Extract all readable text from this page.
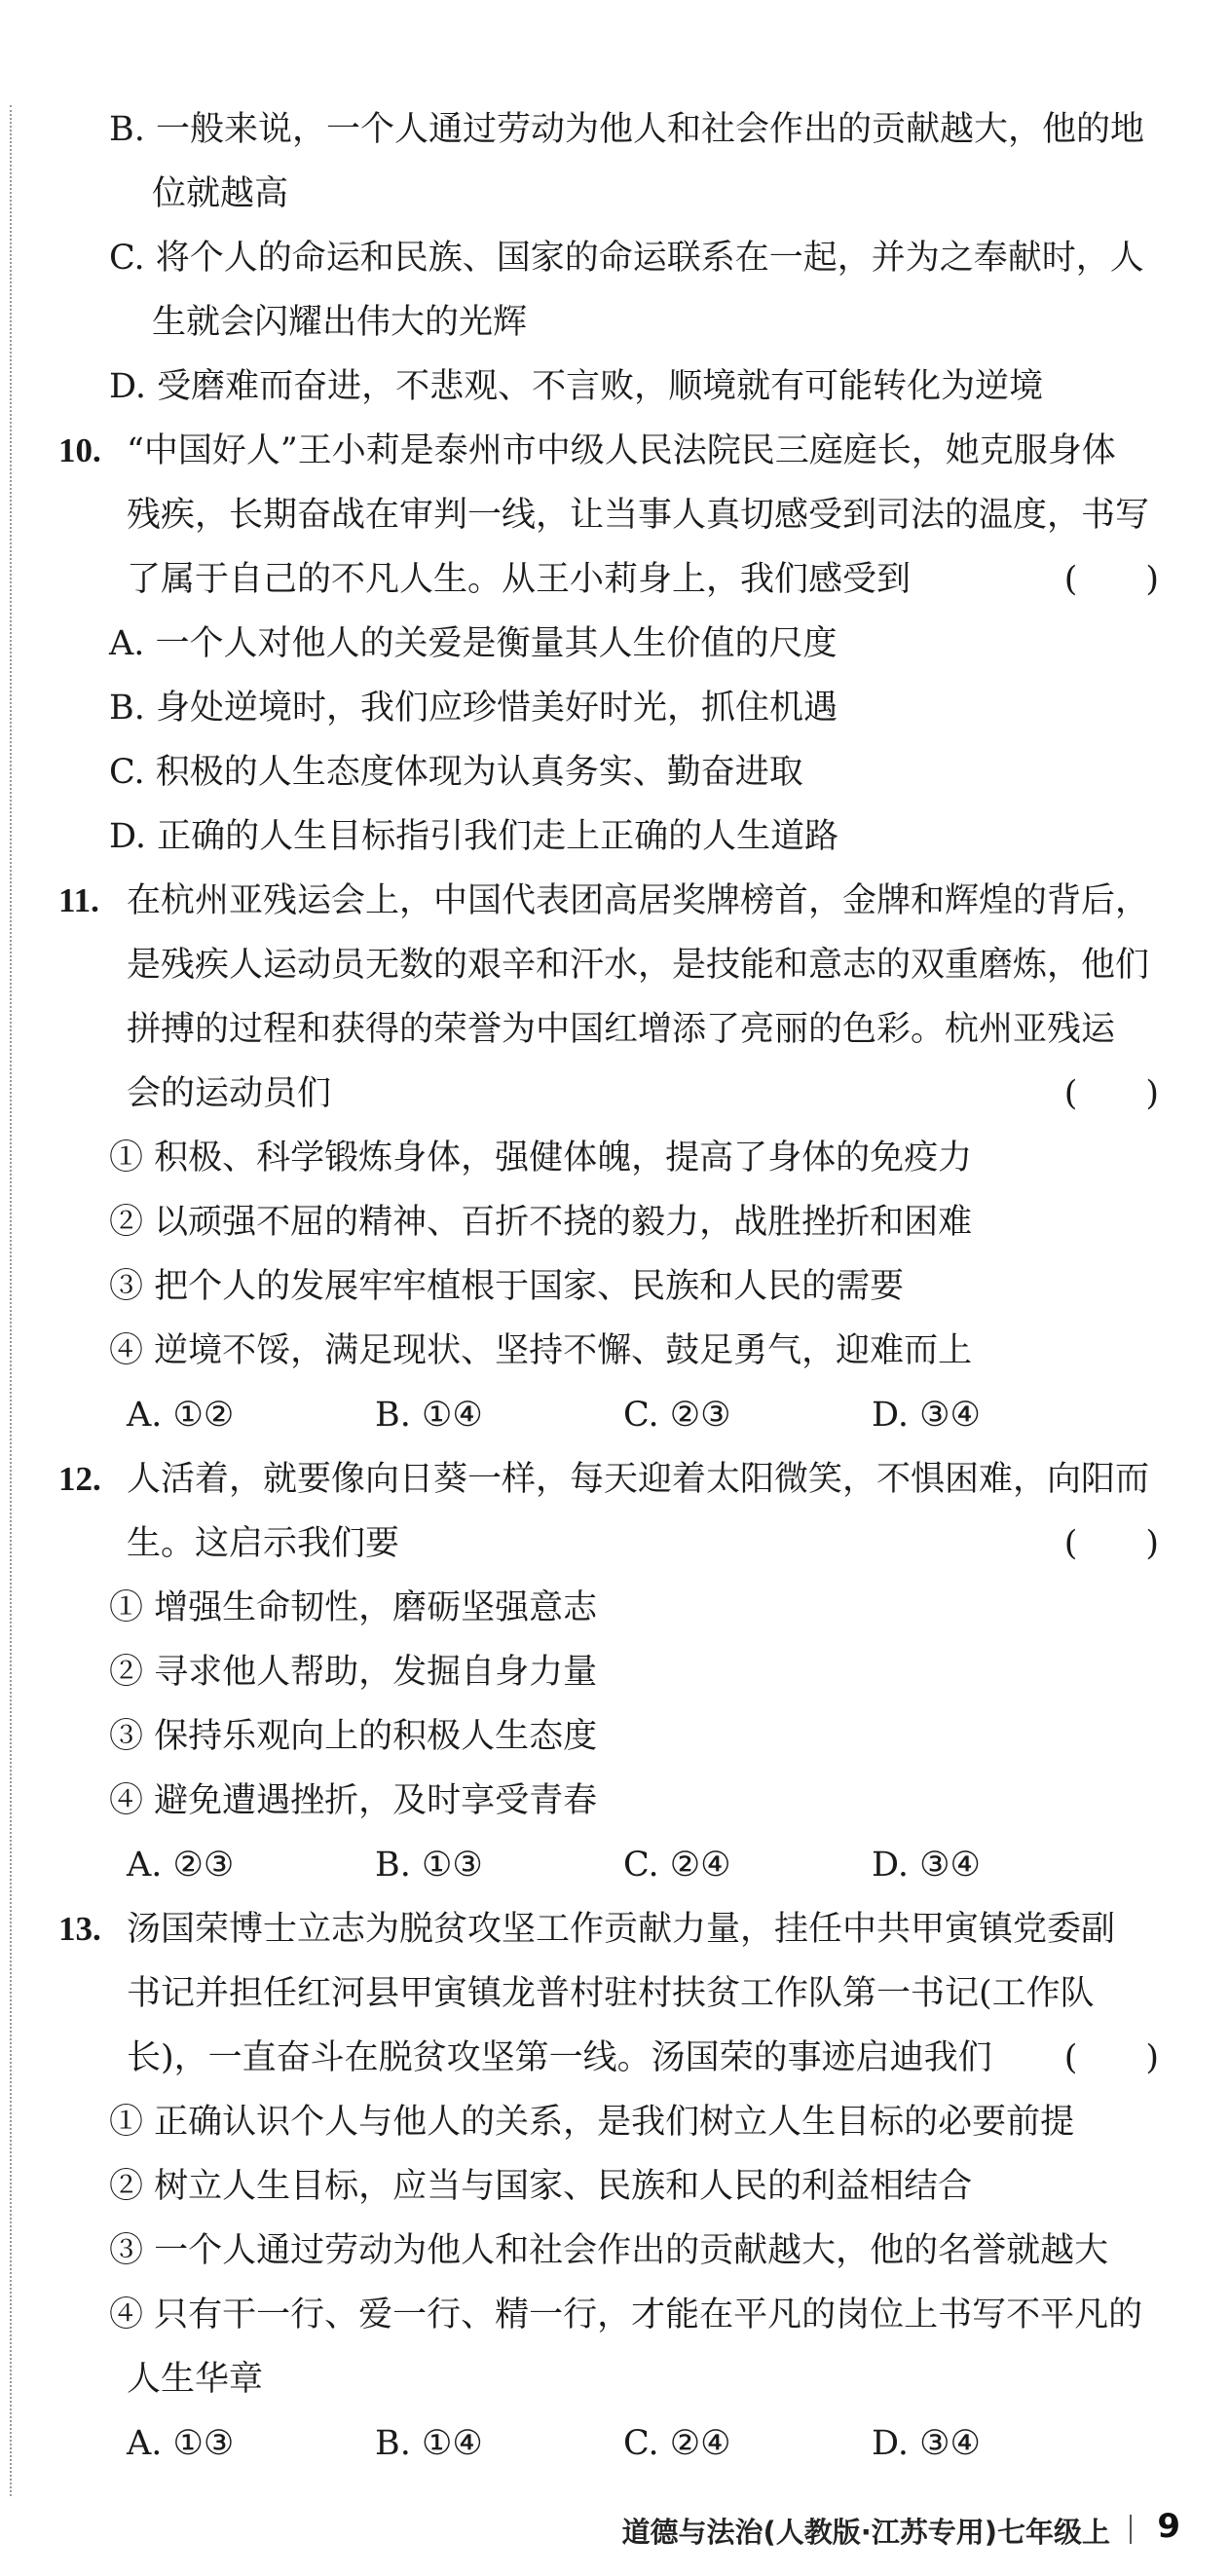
B. 一般来说，一个人通过劳动为他人和社会作出的贡献越大，他的地
位就越高
C. 将个人的命运和民族、国家的命运联系在一起，并为之奉献时，人
生就会闪耀出伟大的光辉
D. 受磨难而奋进，不悲观、不言败，顺境就有可能转化为逆境
10. “中国好人”王小莉是泰州市中级人民法院民三庭庭长，她克服身体
残疾，长期奋战在审判一线，让当事人真切感受到司法的温度，书写
了属于自己的不凡人生。从王小莉身上，我们感受到	(　　)
A. 一个人对他人的关爱是衡量其人生价值的尺度
B. 身处逆境时，我们应珍惜美好时光，抓住机遇
C. 积极的人生态度体现为认真务实、勤奋进取
D. 正确的人生目标指引我们走上正确的人生道路
11. 在杭州亚残运会上，中国代表团高居奖牌榜首，金牌和辉煌的背后，
是残疾人运动员无数的艰辛和汗水，是技能和意志的双重磨炼，他们
拼搏的过程和获得的荣誉为中国红增添了亮丽的色彩。杭州亚残运
会的运动员们	(　　)
① 积极、科学锻炼身体，强健体魄，提高了身体的免疫力
② 以顽强不屈的精神、百折不挠的毅力，战胜挫折和困难
③ 把个人的发展牢牢植根于国家、民族和人民的需要
④ 逆境不馁，满足现状、坚持不懈、鼓足勇气，迎难而上
A. ①②	B. ①④	C. ②③	D. ③④
12. 人活着，就要像向日葵一样，每天迎着太阳微笑，不惧困难，向阳而
生。这启示我们要	(　　)
① 增强生命韧性，磨砺坚强意志
② 寻求他人帮助，发掘自身力量
③ 保持乐观向上的积极人生态度
④ 避免遭遇挫折，及时享受青春
A. ②③	B. ①③	C. ②④	D. ③④
13. 汤国荣博士立志为脱贫攻坚工作贡献力量，挂任中共甲寅镇党委副
书记并担任红河县甲寅镇龙普村驻村扶贫工作队第一书记(工作队
长)，一直奋斗在脱贫攻坚第一线。汤国荣的事迹启迪我们 (　　)
① 正确认识个人与他人的关系，是我们树立人生目标的必要前提
② 树立人生目标，应当与国家、民族和人民的利益相结合
③ 一个人通过劳动为他人和社会作出的贡献越大，他的名誉就越大
④ 只有干一行、爱一行、精一行，才能在平凡的岗位上书写不平凡的
人生华章
A. ①③	B. ①④	C. ②④	D. ③④
道德与法治(人教版·江苏专用)七年级上 9
